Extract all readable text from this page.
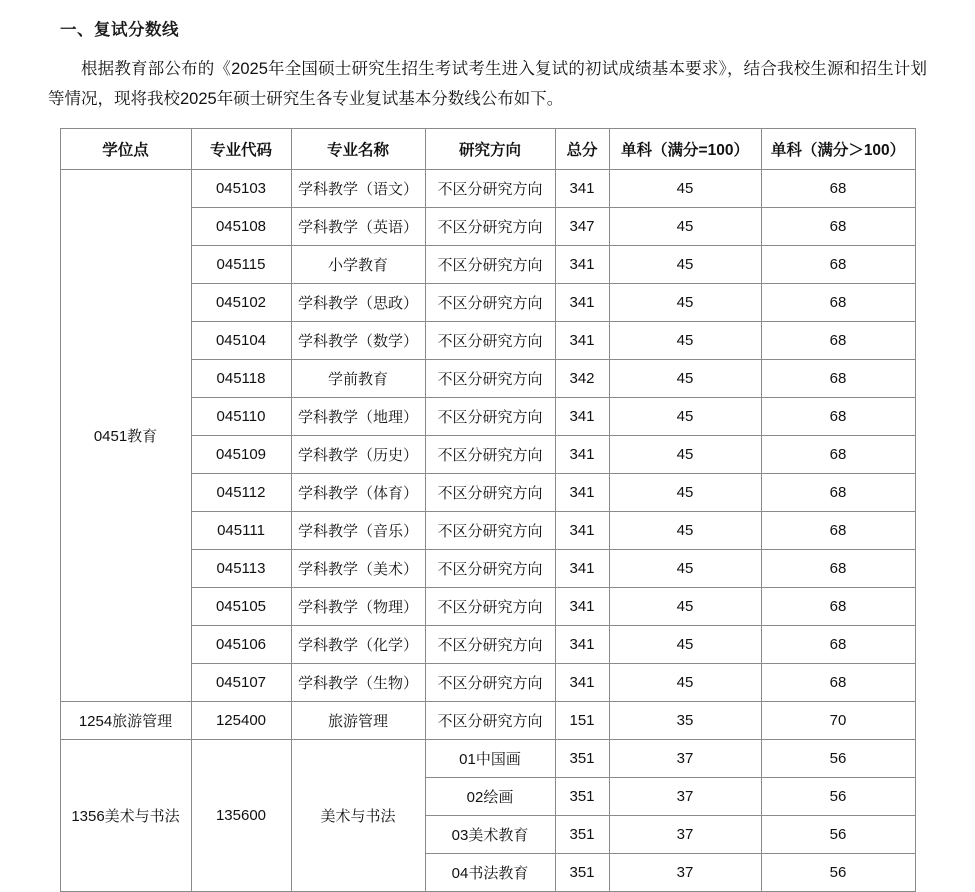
一、复试分数线

根据教育部公布的《2025年全国硕士研究生招生考试考生进入复试的初试成绩基本要求》，结合我校生源和招生计划等情况，现将我校2025年硕士研究生各专业复试基本分数线公布如下。

学位点	专业代码	专业名称	研究方向	总分	单科（满分=100）	单科（满分＞100）
0451教育	045103	学科教学（语文）	不区分研究方向	341	45	68
	045108	学科教学（英语）	不区分研究方向	347	45	68
	045115	小学教育	不区分研究方向	341	45	68
	045102	学科教学（思政）	不区分研究方向	341	45	68
	045104	学科教学（数学）	不区分研究方向	341	45	68
	045118	学前教育	不区分研究方向	342	45	68
	045110	学科教学（地理）	不区分研究方向	341	45	68
	045109	学科教学（历史）	不区分研究方向	341	45	68
	045112	学科教学（体育）	不区分研究方向	341	45	68
	045111	学科教学（音乐）	不区分研究方向	341	45	68
	045113	学科教学（美术）	不区分研究方向	341	45	68
	045105	学科教学（物理）	不区分研究方向	341	45	68
	045106	学科教学（化学）	不区分研究方向	341	45	68
	045107	学科教学（生物）	不区分研究方向	341	45	68
1254旅游管理	125400	旅游管理	不区分研究方向	151	35	70
1356美术与书法	135600	美术与书法	01中国画	351	37	56
			02绘画	351	37	56
			03美术教育	351	37	56
			04书法教育	351	37	56
